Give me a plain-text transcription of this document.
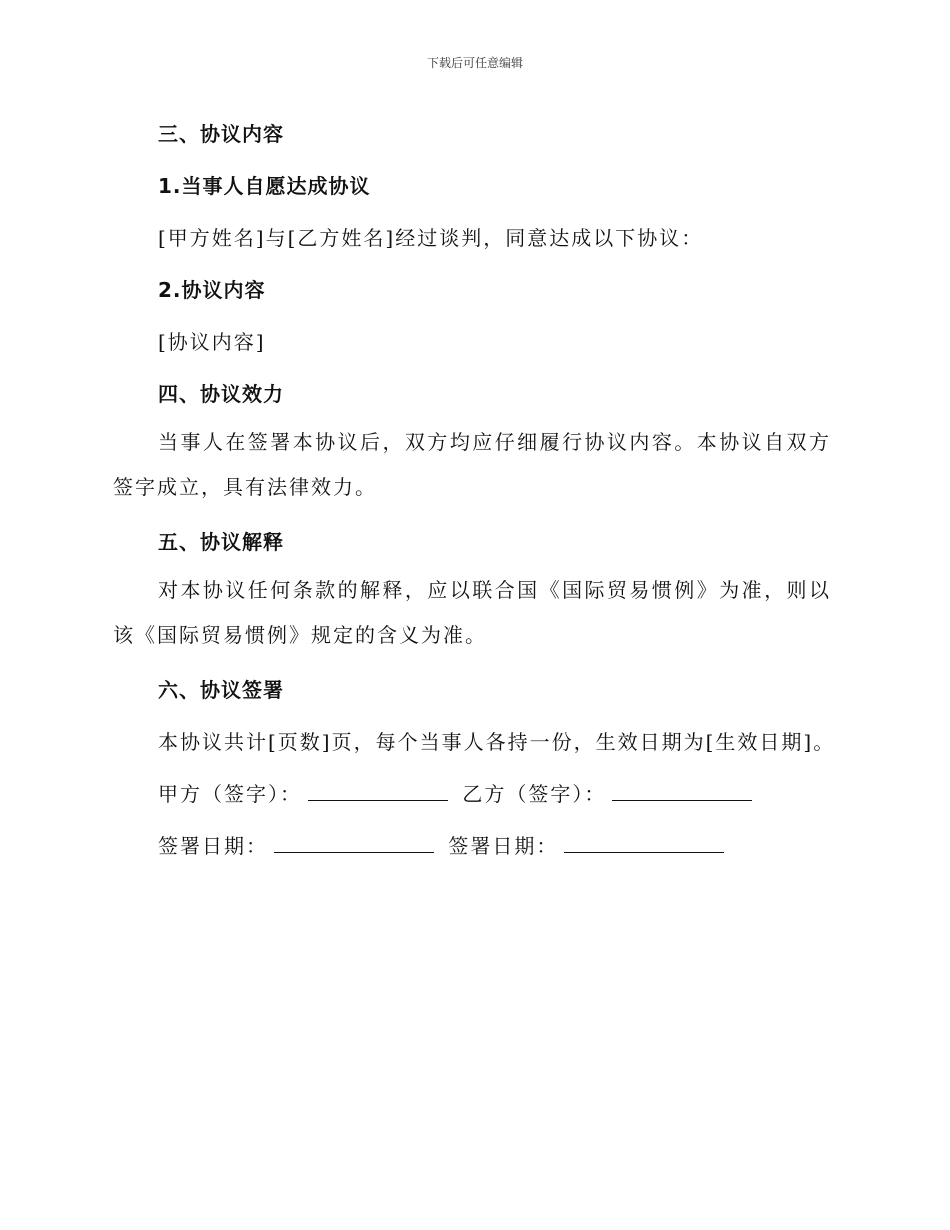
下载后可任意编辑
三、协议内容
1.当事人自愿达成协议
[甲方姓名]与[乙方姓名]经过谈判，同意达成以下协议：
2.协议内容
[协议内容]
四、协议效力
当事人在签署本协议后，双方均应仔细履行协议内容。本协议自双方签字成立，具有法律效力。
五、协议解释
对本协议任何条款的解释，应以联合国《国际贸易惯例》为准，则以该《国际贸易惯例》规定的含义为准。
六、协议签署
本协议共计[页数]页，每个当事人各持一份，生效日期为[生效日期]。
甲方（签字）：	乙方（签字）：
签署日期：	签署日期：
